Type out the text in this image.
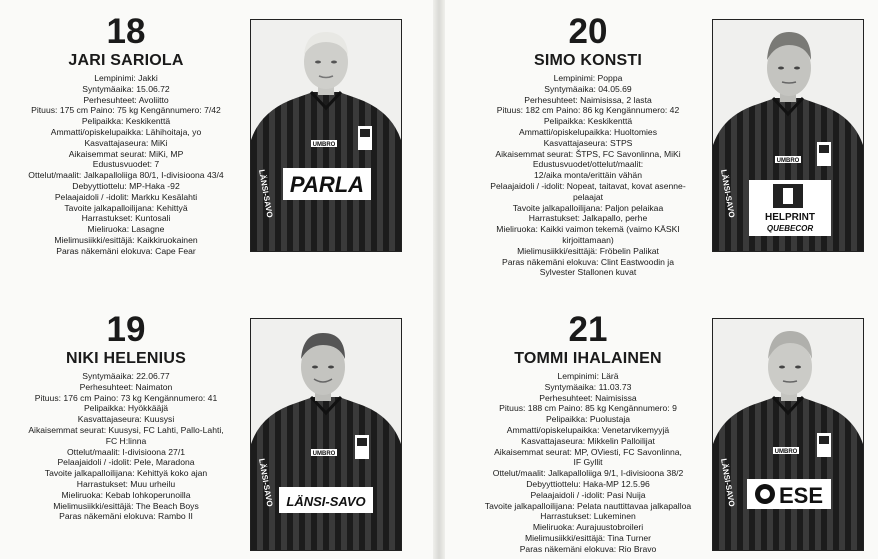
18
JARI SARIOLA
Lempinimi: Jakki
Syntymäaika: 15.06.72
Perhesuhteet: Avoliitto
Pituus: 175 cm Paino: 75 kg Kengännumero: 7/42
Pelipaikka: Keskikenttä
Ammatti/opiskelupaikka: Lähihoitaja, yo
Kasvattajaseura: MiKi
Aikaisemmat seurat: MiKi, MP
Edustusvuodet: 7
Ottelut/maalit: Jalkapalloliiga 80/1, I-divisioona 43/4
Debyyttiottelu: MP-Haka -92
Pelaajaidoli / -idolit: Markku Kesälahti
Tavoite jalkapalloilijana: Kehittyä
Harrastukset: Kuntosali
Mieliruoka: Lasagne
Mielimusiikki/esittäjä: Kaikkiruokainen
Paras näkemäni elokuva: Cape Fear
UMBRO
PARLA
LÄNSI-SAVO
20
SIMO KONSTI
Lempinimi: Poppa
Syntymäaika: 04.05.69
Perhesuhteet: Naimisissa, 2 lasta
Pituus: 182 cm Paino: 86 kg Kengännumero: 42
Pelipaikka: Keskikenttä
Ammatti/opiskelupaikka: Huoltomies
Kasvattajaseura: STPS
Aikaisemmat seurat: ŠTPS, FC Savonlinna, MiKi
Edustusvuodet/ottelut/maalit:
12/aika monta/erittäin vähän
Pelaajaidoli / -idolit: Nopeat, taitavat, kovat asenne-
pelaajat
Tavoite jalkapalloilijana: Paljon pelaikaa
Harrastukset: Jalkapallo, perhe
Mieliruoka: Kaikki vaimon tekemä (vaimo KÄSKI
kirjoittamaan)
Mielimusiikki/esittäjä: Fröbelin Palikat
Paras näkemäni elokuva: Clint Eastwoodin ja
Sylvester Stallonen kuvat
UMBRO
HELPRINT
QUEBECOR
LÄNSI-SAVO
19
NIKI HELENIUS
Syntymäaika: 22.06.77
Perhesuhteet: Naimaton
Pituus: 176 cm Paino: 73 kg Kengännumero: 41
Pelipaikka: Hyökkääjä
Kasvattajaseura: Kuusysi
Aikaisemmat seurat: Kuusysi, FC Lahti, Pallo-Lahti,
FC H:linna
Ottelut/maalit: I-divisioona 27/1
Pelaajaidoli / -idolit: Pele, Maradona
Tavoite jalkapalloilijana: Kehittyä koko ajan
Harrastukset: Muu urheilu
Mieliruoka: Kebab lohkoperunoilla
Mielimusiikki/esittäjä: The Beach Boys
Paras näkemäni elokuva: Rambo II
UMBRO
LÄNSI-SAVO
LÄNSI-SAVO
21
TOMMI IHALAINEN
Lempinimi: Lärä
Syntymäaika: 11.03.73
Perhesuhteet: Naimisissa
Pituus: 188 cm Paino: 85 kg Kengännumero: 9
Pelipaikka: Puolustaja
Ammatti/opiskelupaikka: Venetarvikemyyjä
Kasvattajaseura: Mikkelin Palloilijat
Aikaisemmat seurat: MP, OViesti, FC Savonlinna,
IF Gyllit
Ottelut/maalit: Jalkapalloliiga 9/1, I-divisioona 38/2
Debyyttiottelu: Haka-MP 12.5.96
Pelaajaidoli / -idolit: Pasi Nuija
Tavoite jalkapalloilijana: Pelata nauttittavaa jalkapalloa
Harrastukset: Lukeminen
Mieliruoka: Aurajuustobroileri
Mielimusiikki/esittäjä: Tina Turner
Paras näkemäni elokuva: Rio Bravo
UMBRO
ESE
LÄNSI-SAVO
